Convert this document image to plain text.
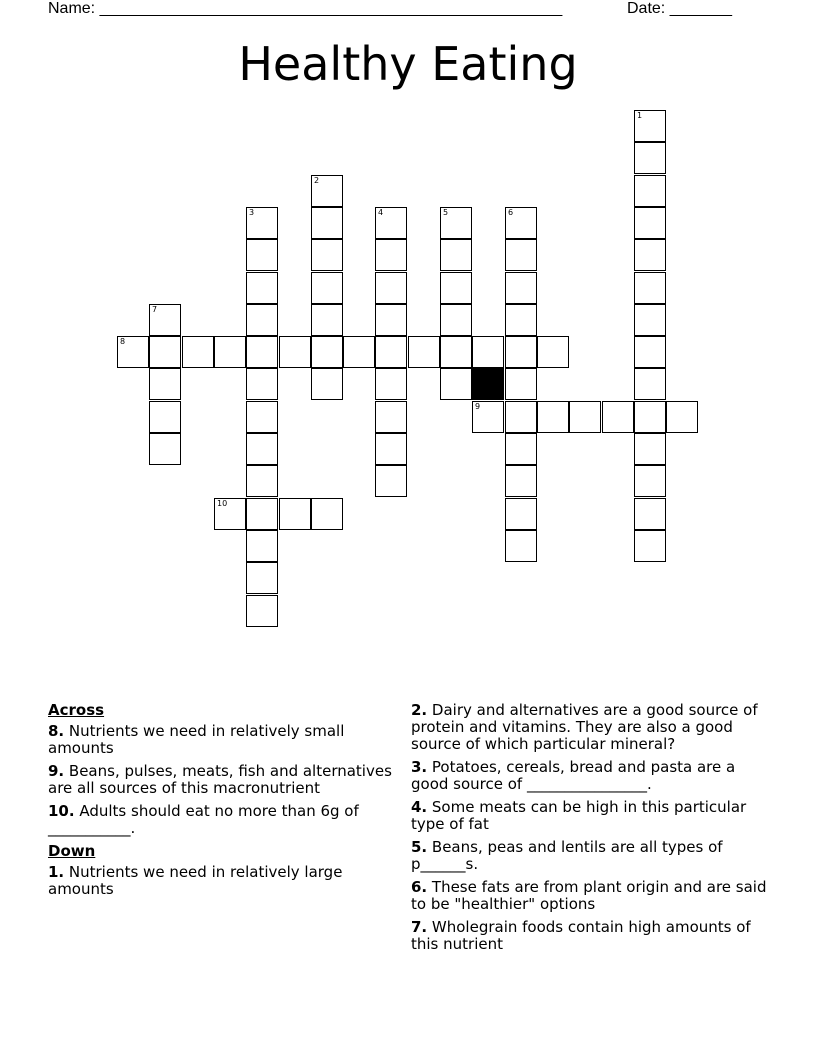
Name: ____________________________________________________	Date: _______
Healthy Eating
1
2
3	4	5	6
7
8
9
10
Across
8. Nutrients we need in relatively small amounts
9. Beans, pulses, meats, fish and alternatives are all sources of this macronutrient
10. Adults should eat no more than 6g of ___________.
Down
1. Nutrients we need in relatively large amounts
2. Dairy and alternatives are a good source of protein and vitamins. They are also a good source of which particular mineral?
3. Potatoes, cereals, bread and pasta are a good source of ________________.
4. Some meats can be high in this particular type of fat
5. Beans, peas and lentils are all types of p______s.
6. These fats are from plant origin and are said to be "healthier" options
7. Wholegrain foods contain high amounts of this nutrient
